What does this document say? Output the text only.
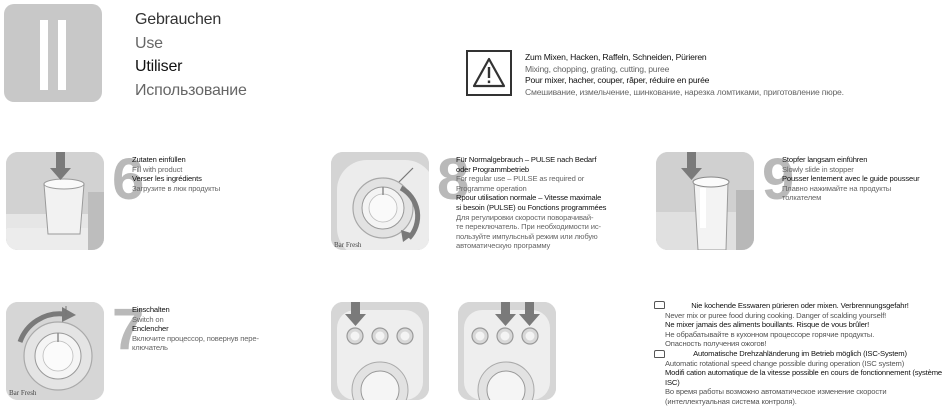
Gebrauchen
Use
Utiliser
Использование
Zum Mixen, Hacken, Raffeln, Schneiden, Pürieren
Mixing, chopping, grating, cutting, puree
Pour mixer, hacher, couper, râper, réduire en purée
Смешивание, измельчение, шинкование, нарезка ломтиками, приготовление пюре.
6
Zutaten einfüllen
Fill with product
Verser les ingrédients
Загрузите в люк продукты
Bar Fresh
8
Für Normalgebrauch – PULSE nach Bedarf
oder Programmbetrieb
For regular use – PULSE as required or
Programme operation
Rpour utilisation normale – Vitesse maximale
si besoin (PULSE) ou Fonctions programmées
Для регулировки скорости поворачивай-
те переключатель. При необходимости ис-
пользуйте импульсный режим или любую
автоматическую программу
9
Stopfer langsam einführen
Slowly slide in stopper
Pousser lentement avec le guide pousseur
Плавно нажимайте на продукты
толкателем
Bar Fresh
7
Einschalten
Switch on
Enclencher
Включите процессор, повернув пере-
ключатель
Nie kochende Esswaren pürieren oder mixen. Verbrennungsgefahr!
Never mix or puree food during cooking. Danger of scalding yourself!
Ne mixer jamais des aliments bouillants. Risque de vous brûler!
Не обрабатывайте в кухонном процессоре горячие продукты.
Опасность получения ожогов!
Automatische Drehzahländerung im Betrieb möglich (ISC-System)
Automatic rotational speed change possible during operation (ISC system)
Modifi cation automatique de la vitesse possible en cours de fonctionnement (système ISC)
Во время работы возможно автоматическое изменение скорости
(интеллектуальная система контроля).
